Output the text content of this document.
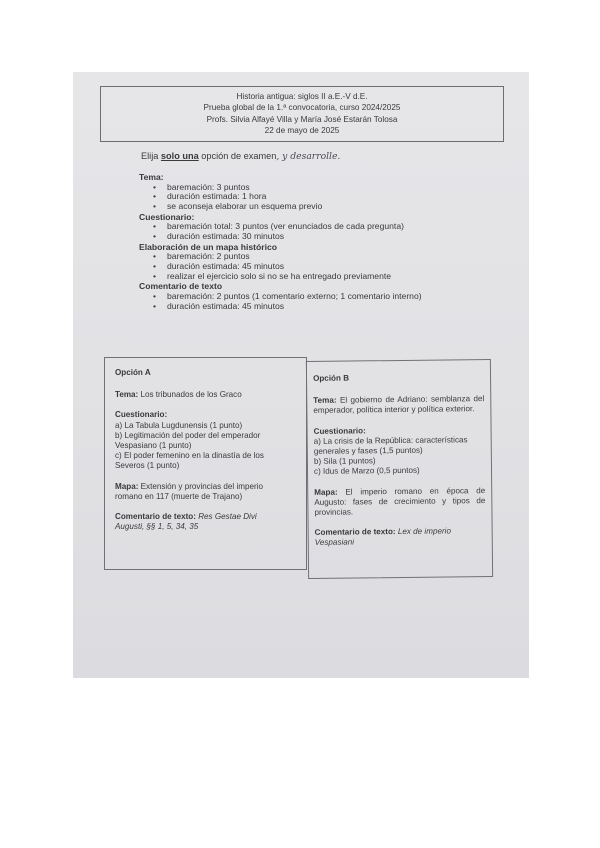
Historia antigua: siglos II a.E.-V d.E.
Prueba global de la 1.ª convocatoria, curso 2024/2025
Profs. Silvia Alfayé Villa y María José Estarán Tolosa
22 de mayo de 2025
Elija solo una opción de examen, y desarrolle.
Tema:
• baremación: 3 puntos
• duración estimada: 1 hora
• se aconseja elaborar un esquema previo
Cuestionario:
• baremación total: 3 puntos (ver enunciados de cada pregunta)
• duración estimada: 30 minutos
Elaboración de un mapa histórico
• baremación: 2 puntos
• duración estimada: 45 minutos
• realizar el ejercicio solo si no se ha entregado previamente
Comentario de texto
• baremación: 2 puntos (1 comentario externo; 1 comentario interno)
• duración estimada: 45 minutos
Opción A
Tema: Los tribunados de los Graco
Cuestionario:
a) La Tabula Lugdunensis (1 punto)
b) Legitimación del poder del emperador
Vespasiano (1 punto)
c) El poder femenino en la dinastía de los
Severos (1 punto)
Mapa: Extensión y provincias del imperio
romano en 117 (muerte de Trajano)
Comentario de texto: Res Gestae Divi
Augusti, §§ 1, 5, 34, 35
Opción B
Tema: El gobierno de Adriano: semblanza del emperador, política interior y política exterior.
Cuestionario:
a) La crisis de la República: características
generales y fases (1,5 puntos)
b) Sila (1 puntos)
c) Idus de Marzo (0,5 puntos)
Mapa: El imperio romano en época de Augusto: fases de crecimiento y tipos de provincias.
Comentario de texto: Lex de imperio Vespasiani
